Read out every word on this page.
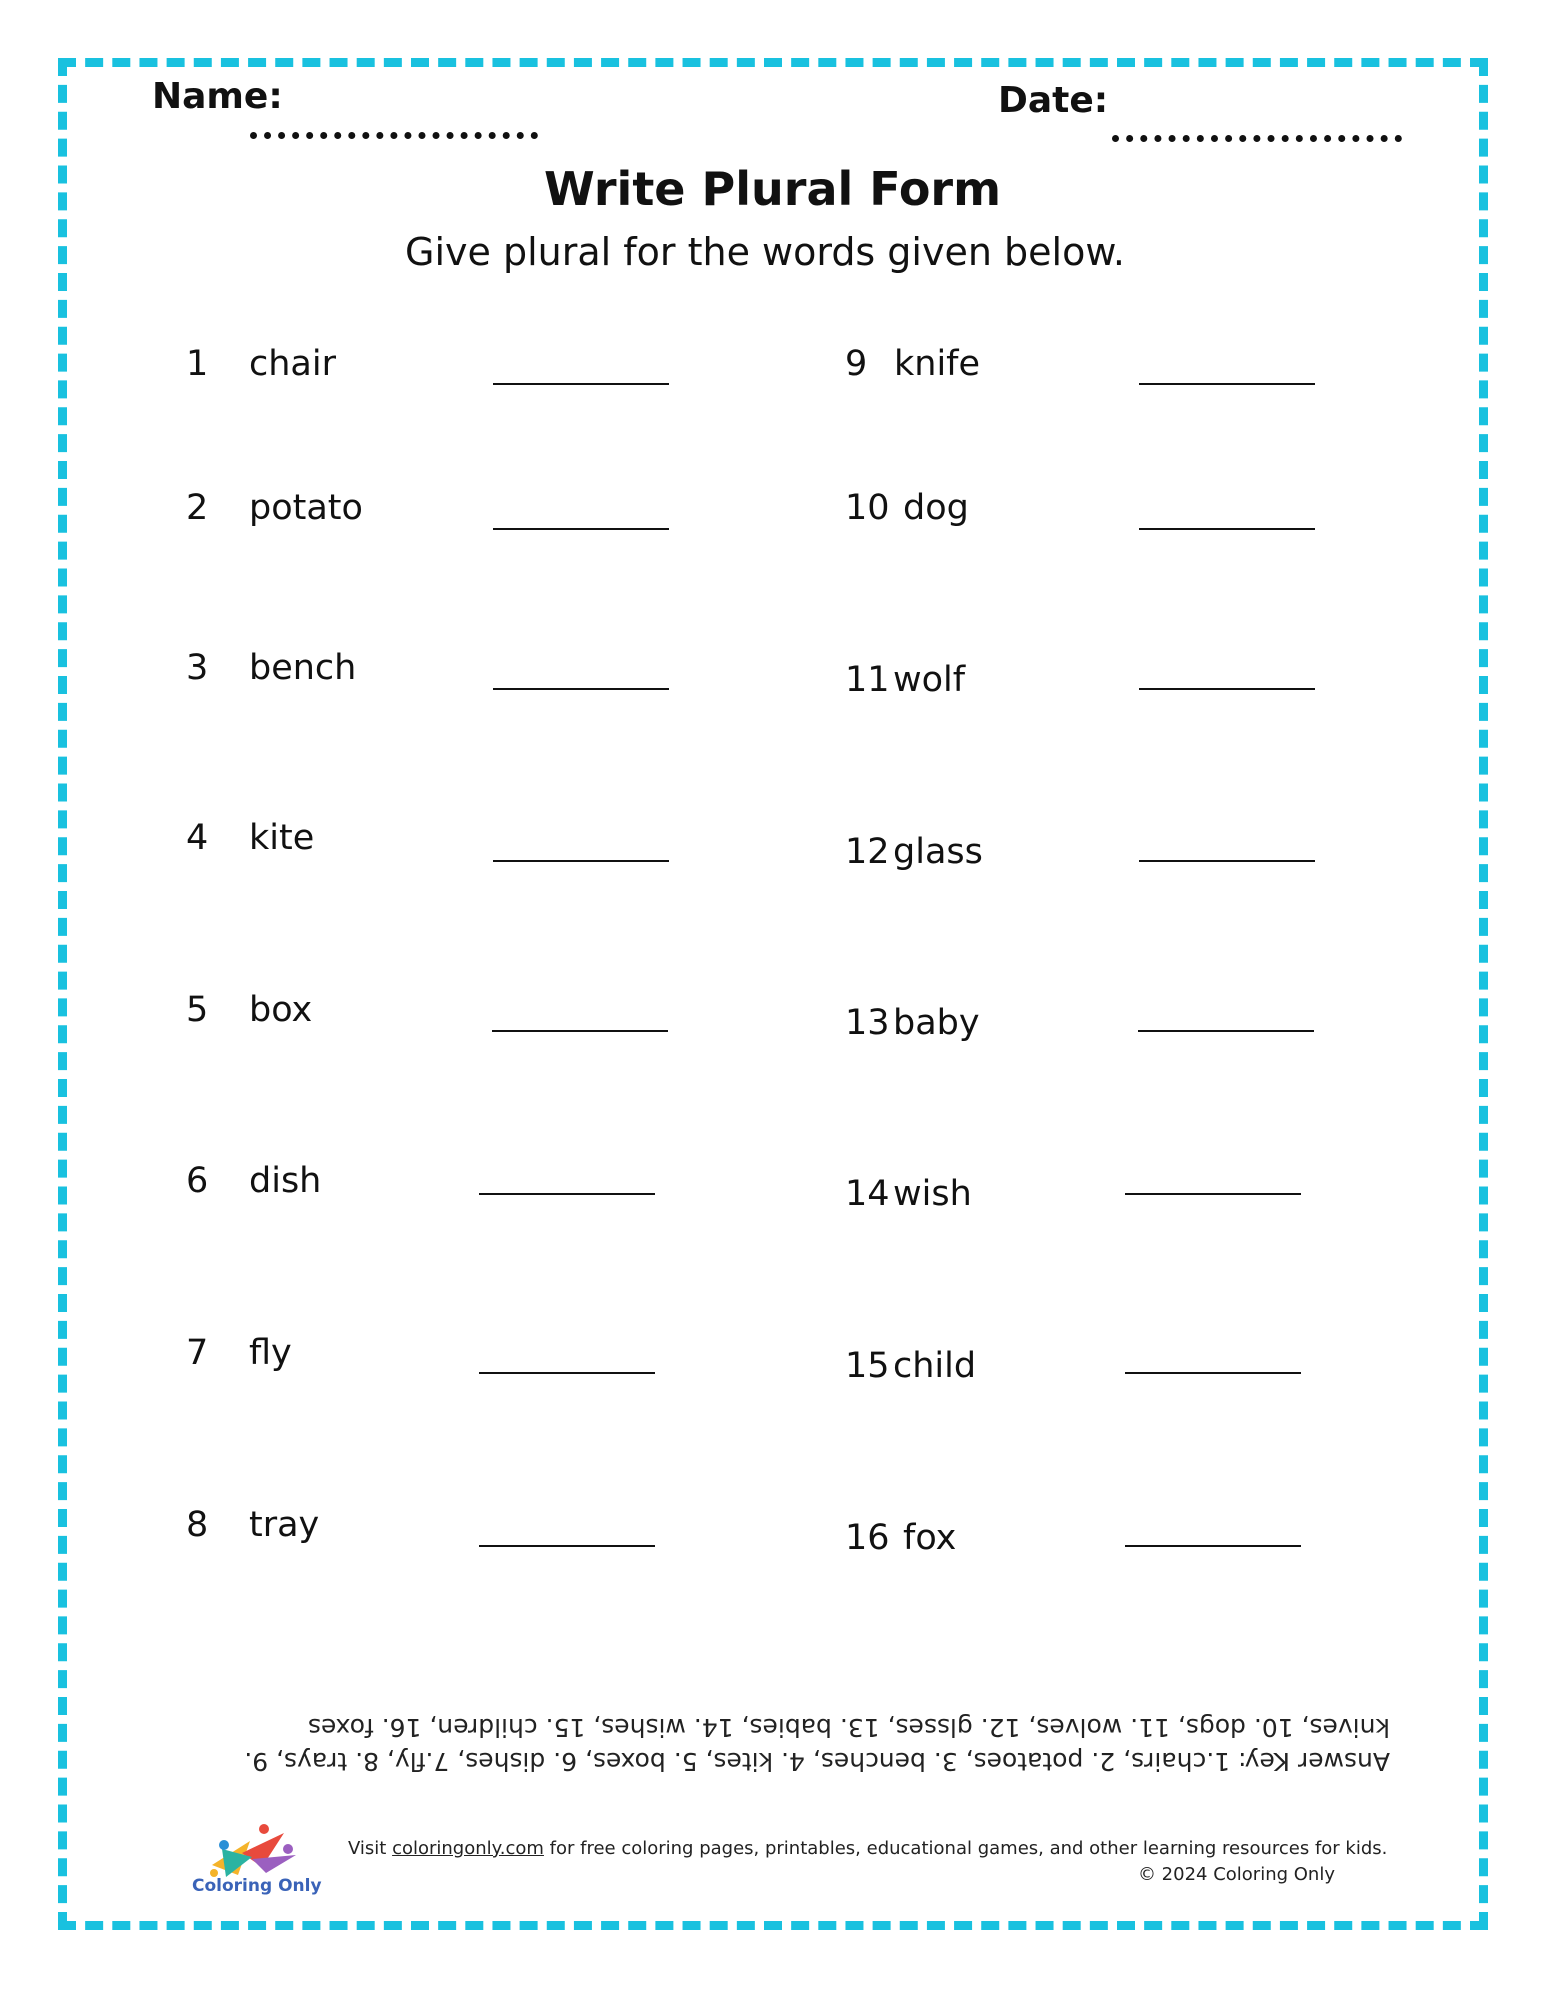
Name:	Date:
Write Plural Form
Give plural for the words given below.
1 chair
2 potato
3 bench
4 kite
5 box
6 dish
7 fly
8 tray
9 knife
10 dog
11 wolf
12 glass
13 baby
14 wish
15 child
16 fox
Answer Key: 1.chairs, 2. potatoes, 3. benches, 4. kites, 5. boxes, 6. dishes, 7.fly, 8. trays, 9. knives, 10. dogs, 11. wolves, 12. glsses, 13. babies, 14. wishes, 15. children, 16. foxes
Coloring Only
Visit coloringonly.com for free coloring pages, printables, educational games, and other learning resources for kids.
© 2024 Coloring Only
